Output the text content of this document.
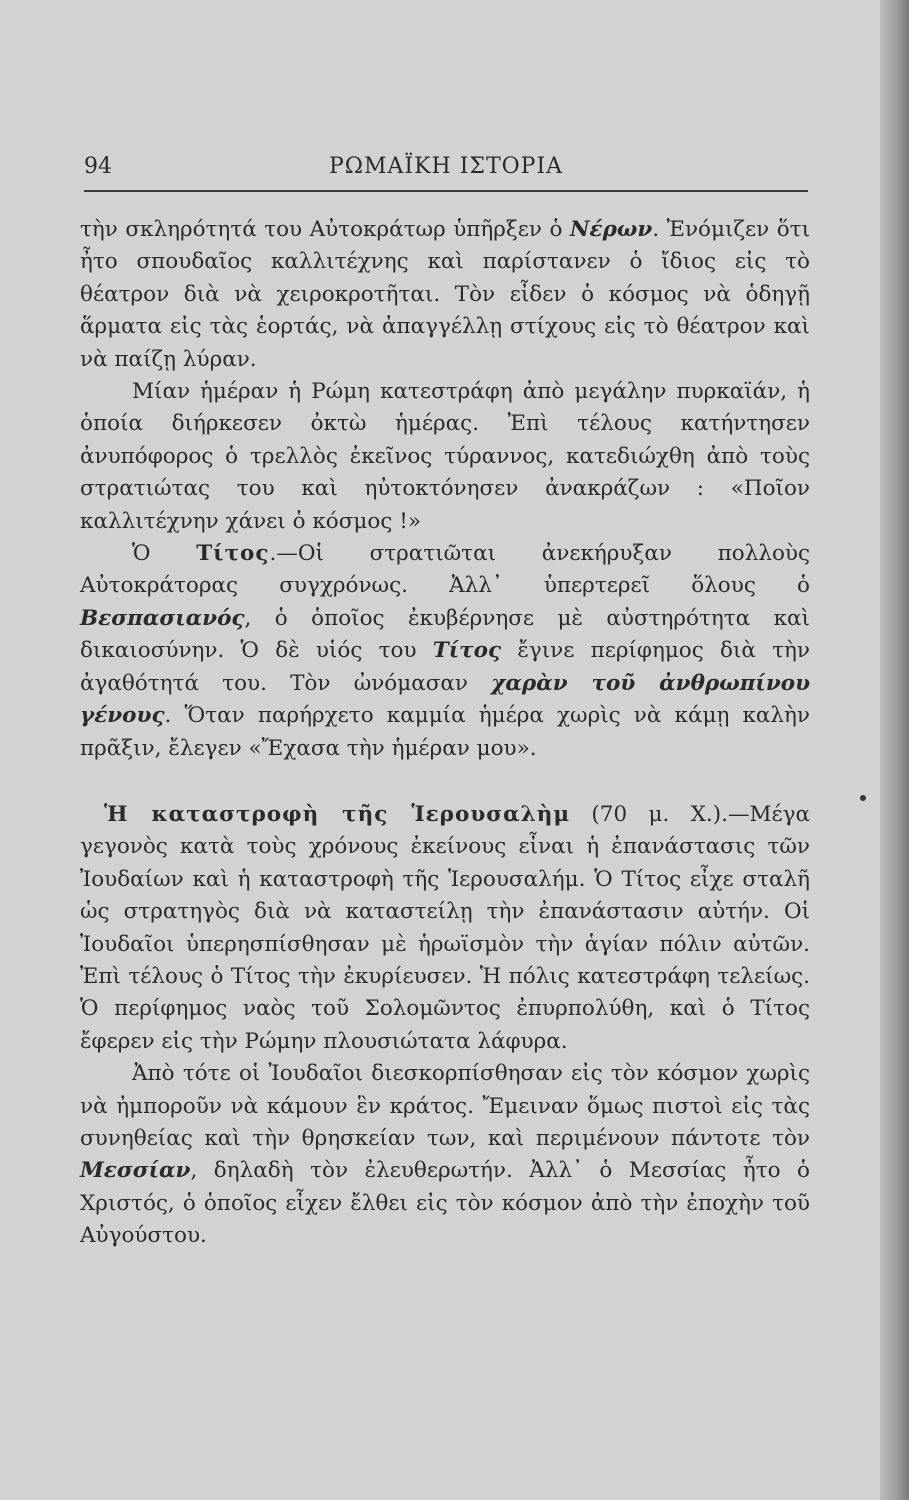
94	ΡΩΜΑΪΚΗ ΙΣΤΟΡΙΑ

τὴν σκληρότητά του Αὐτοκράτωρ ὑπῆρξεν ὁ Νέρων. Ἐνόμιζεν ὅτι ἦτο σπουδαῖος καλλιτέχνης καὶ παρίστανεν ὁ ἴδιος εἰς τὸ θέατρον διὰ νὰ χειροκροτῆται. Τὸν εἶδεν ὁ κόσμος νὰ ὁδηγῇ ἅρματα εἰς τὰς ἑορτάς, νὰ ἀπαγγέλλῃ στίχους εἰς τὸ θέατρον καὶ νὰ παίζῃ λύραν.

Μίαν ἡμέραν ἡ Ρώμη κατεστράφη ἀπὸ μεγάλην πυρκαϊάν, ἡ ὁποία διήρκεσεν ὀκτὼ ἡμέρας. Ἐπὶ τέλους κατήντησεν ἀνυπόφορος ὁ τρελλὸς ἐκεῖνος τύραννος, κατεδιώχθη ἀπὸ τοὺς στρατιώτας του καὶ ηὐτοκτόνησεν ἀνακράζων : «Ποῖον καλλιτέχνην χάνει ὁ κόσμος !»

Ὁ Τίτος.—Οἱ στρατιῶται ἀνεκήρυξαν πολλοὺς Αὐτοκράτορας συγχρόνως. Ἀλλ᾽ ὑπερτερεῖ ὅλους ὁ Βεσπασιανός, ὁ ὁποῖος ἐκυβέρνησε μὲ αὐστηρότητα καὶ δικαιοσύνην. Ὁ δὲ υἱός του Τίτος ἔγινε περίφημος διὰ τὴν ἀγαθότητά του. Τὸν ὠνόμασαν χαρὰν τοῦ ἀνθρωπίνου γένους. Ὅταν παρήρχετο καμμία ἡμέρα χωρὶς νὰ κάμῃ καλὴν πρᾶξιν, ἔλεγεν «Ἔχασα τὴν ἡμέραν μου».

Ἡ καταστροφὴ τῆς Ἱερουσαλὴμ (70 μ. Χ.).—Μέγα γεγονὸς κατὰ τοὺς χρόνους ἐκείνους εἶναι ἡ ἐπανάστασις τῶν Ἰουδαίων καὶ ἡ καταστροφὴ τῆς Ἱερουσαλήμ. Ὁ Τίτος εἶχε σταλῆ ὡς στρατηγὸς διὰ νὰ καταστείλῃ τὴν ἐπανάστασιν αὐτήν. Οἱ Ἰουδαῖοι ὑπερησπίσθησαν μὲ ἡρωϊσμὸν τὴν ἁγίαν πόλιν αὐτῶν. Ἐπὶ τέλους ὁ Τίτος τὴν ἐκυρίευσεν. Ἡ πόλις κατεστράφη τελείως. Ὁ περίφημος ναὸς τοῦ Σολομῶντος ἐπυρπολύθη, καὶ ὁ Τίτος ἔφερεν εἰς τὴν Ρώμην πλουσιώτατα λάφυρα.

Ἀπὸ τότε οἱ Ἰουδαῖοι διεσκορπίσθησαν εἰς τὸν κόσμον χωρὶς νὰ ἠμποροῦν νὰ κάμουν ἓν κράτος. Ἔμειναν ὅμως πιστοὶ εἰς τὰς συνηθείας καὶ τὴν θρησκείαν των, καὶ περιμένουν πάντοτε τὸν Μεσσίαν, δηλαδὴ τὸν ἐλευθερωτήν. Ἀλλ᾽ ὁ Μεσσίας ἦτο ὁ Χριστός, ὁ ὁποῖος εἶχεν ἔλθει εἰς τὸν κόσμον ἀπὸ τὴν ἐποχὴν τοῦ Αὐγούστου.
